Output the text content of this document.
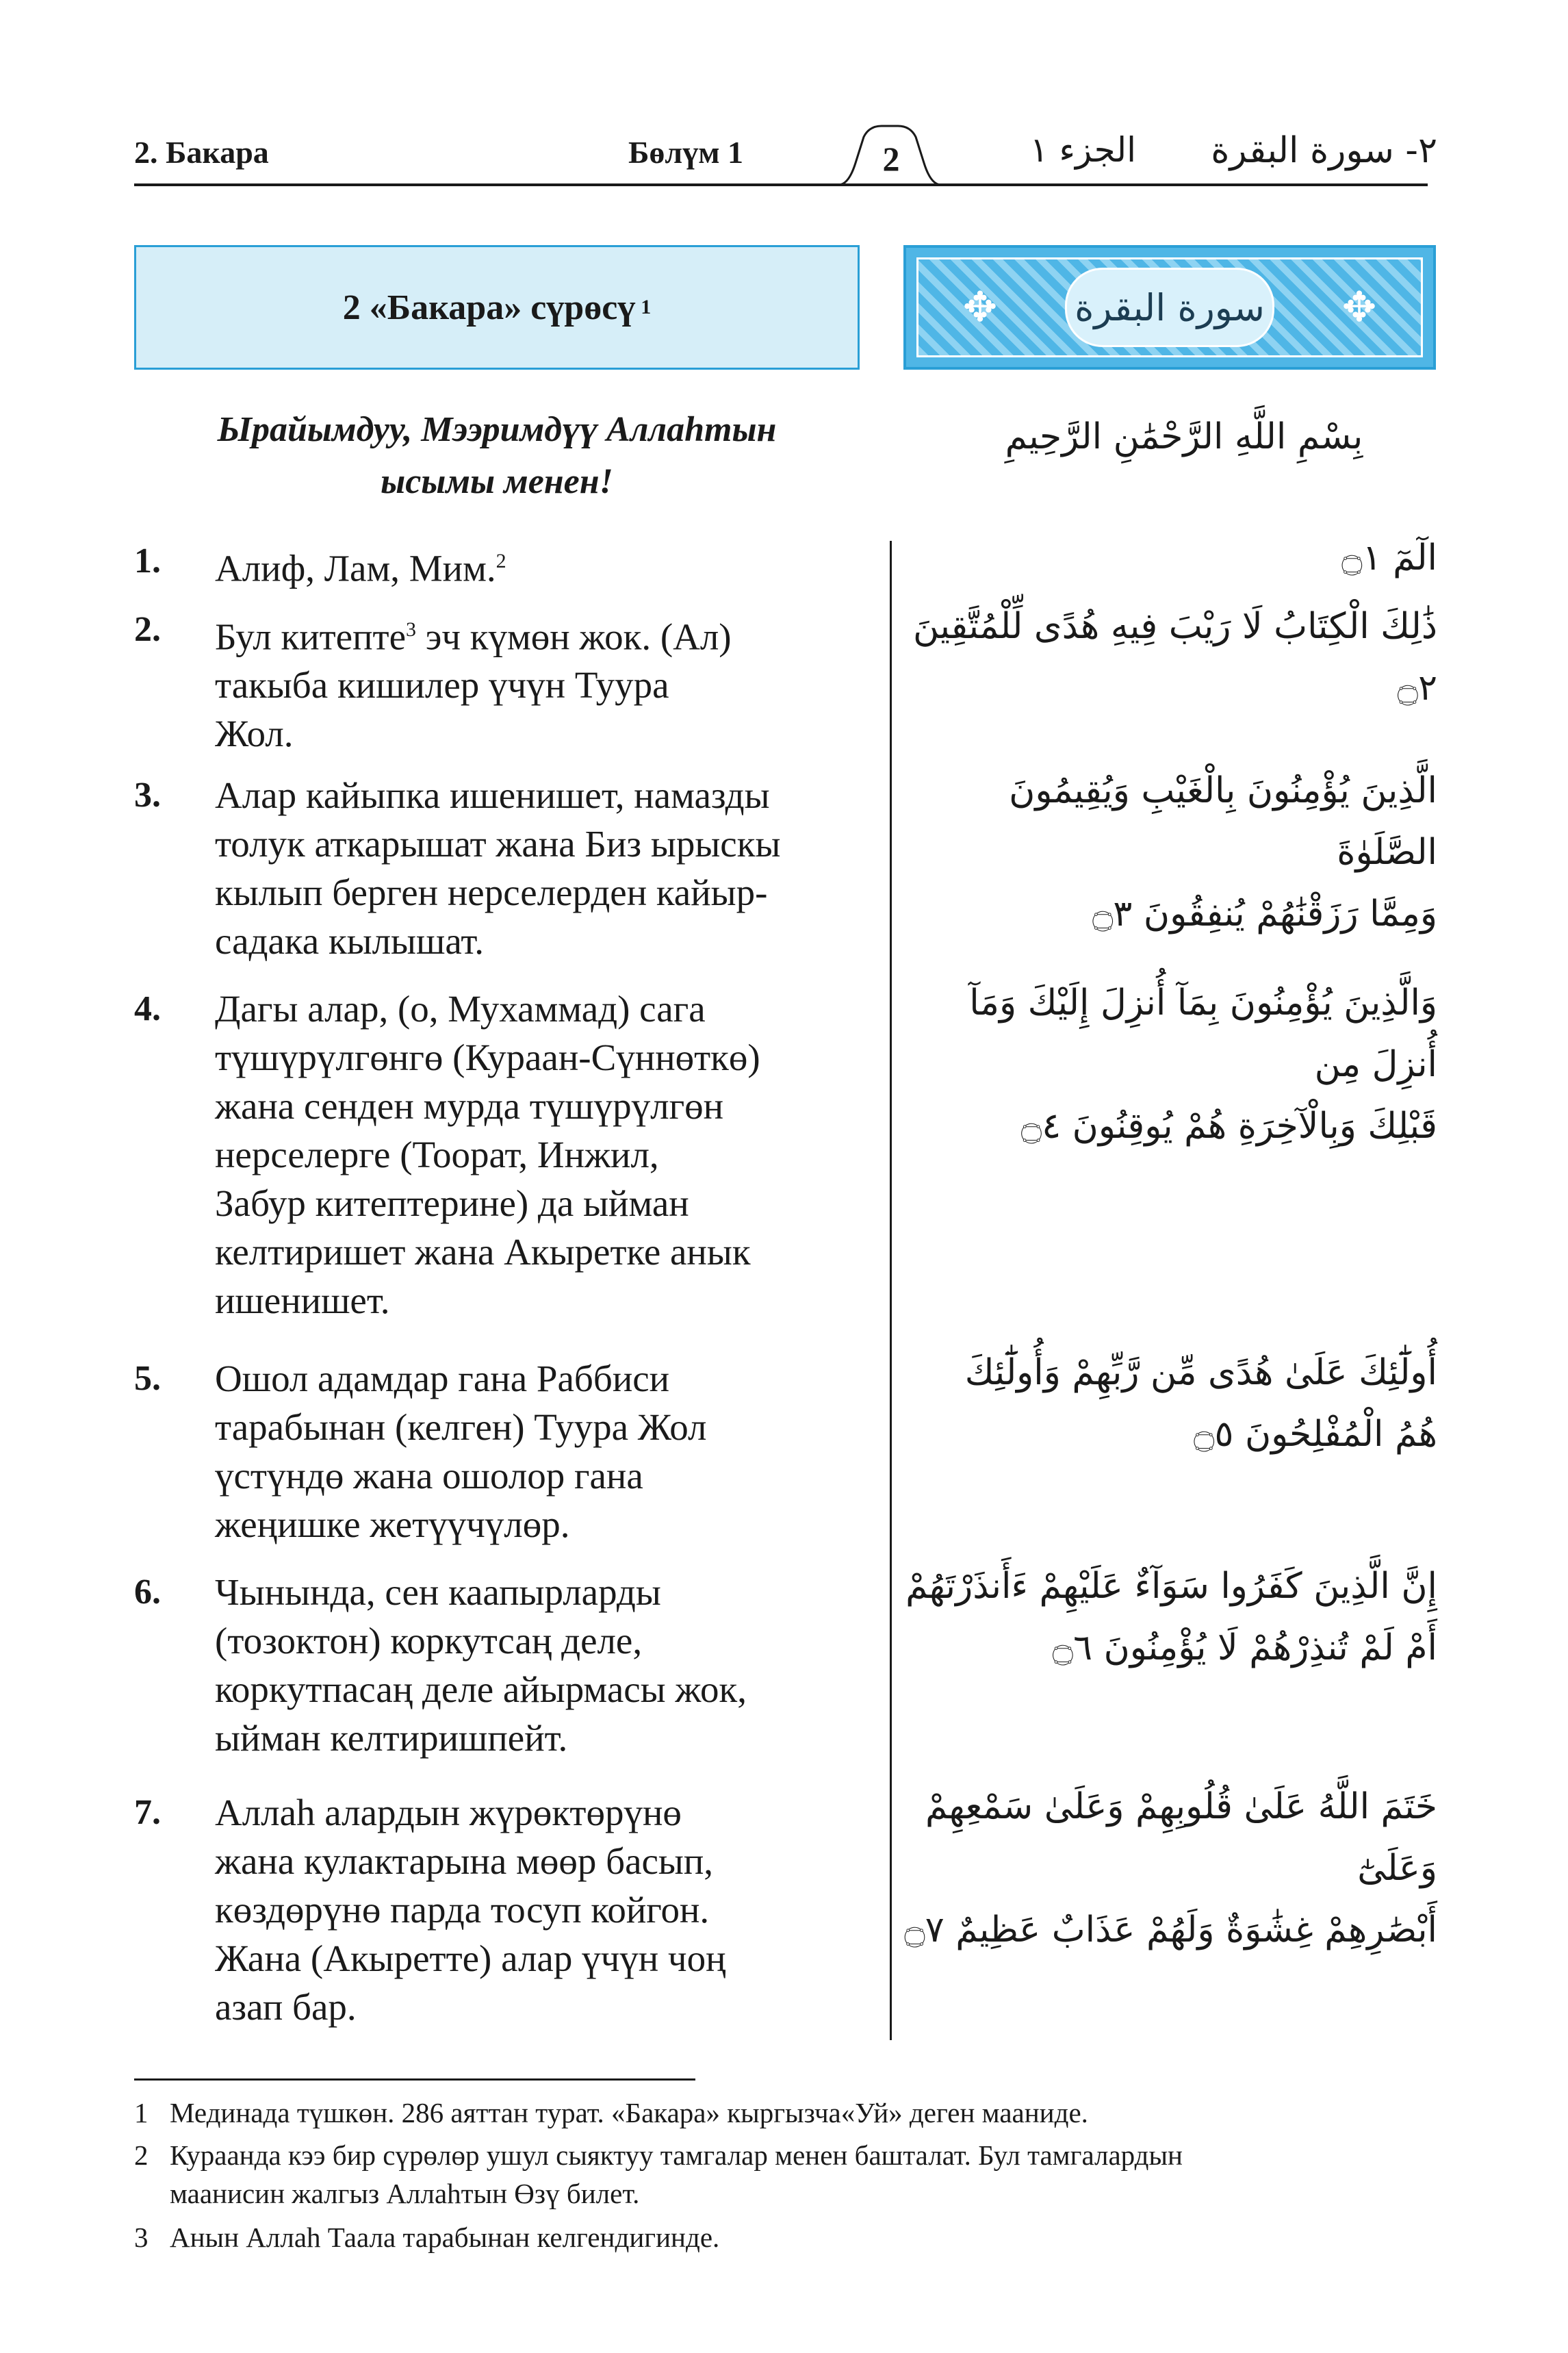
2. Бакара	Бөлүм 1	2	الجزء ١	٢- سورة البقرة
2 «Бакара» сүрөсү 1	✥ سورة البقرة ✥
Ырайымдуу, Мээримдүү Аллаһтын
ысымы менен!
بِسْمِ اللَّهِ الرَّحْمَٰنِ الرَّحِيمِ
1. Алиф, Лам, Мим.$^2$
2. Бул китепте$^3$ эч күмөн жок. (Ал)
такыба кишилер үчүн Туура
Жол.
3. Алар кайыпка ишенишет, намазды
толук аткарышат жана Биз ырыскы
кылып берген нерселерден кайыр-
садака кылышат.
4. Дагы алар, (о, Мухаммад) сага
түшүрүлгөнгө (Кураан-Сүннөткө)
жана сенден мурда түшүрүлгөн
нерселерге (Тоорат, Инжил,
Забур китептерине) да ыйман
келтиришет жана Акыретке анык
ишенишет.
5. Ошол адамдар гана Раббиси
тарабынан (келген) Туура Жол
үстүндө жана ошолор гана
жеңишке жетүүчүлөр.
6. Чынында, сен каапырларды
(тозоктон) коркутсаң деле,
коркутпасаң деле айырмасы жок,
ыйман келтиришпейт.
7. Аллаһ алардын жүрөктөрүнө
жана кулактарына мөөр басып,
көздөрүнө парда тосуп койгон.
Жана (Акыретте) алар үчүн чоң
азап бар.
الٓمٓ ۝١
ذَٰلِكَ الْكِتَابُ لَا رَيْبَ فِيهِ هُدًى لِّلْمُتَّقِينَ ۝٢
الَّذِينَ يُؤْمِنُونَ بِالْغَيْبِ وَيُقِيمُونَ الصَّلَوٰةَ
وَمِمَّا رَزَقْنَٰهُمْ يُنفِقُونَ ۝٣
وَالَّذِينَ يُؤْمِنُونَ بِمَآ أُنزِلَ إِلَيْكَ وَمَآ أُنزِلَ مِن
قَبْلِكَ وَبِالْآخِرَةِ هُمْ يُوقِنُونَ ۝٤
أُولَٰٓئِكَ عَلَىٰ هُدًى مِّن رَّبِّهِمْ وَأُولَٰٓئِكَ
هُمُ الْمُفْلِحُونَ ۝٥
إِنَّ الَّذِينَ كَفَرُوا سَوَآءٌ عَلَيْهِمْ ءَأَنذَرْتَهُمْ
أَمْ لَمْ تُنذِرْهُمْ لَا يُؤْمِنُونَ ۝٦
خَتَمَ اللَّهُ عَلَىٰ قُلُوبِهِمْ وَعَلَىٰ سَمْعِهِمْ وَعَلَىٰٓ
أَبْصَٰرِهِمْ غِشَٰوَةٌ وَلَهُمْ عَذَابٌ عَظِيمٌ ۝٧
1 Мединада түшкөн. 286 аяттан турат. «Бакара» кыргызча«Уй» деген мааниде.
2 Кураанда кээ бир сүрөлөр ушул сыяктуу тамгалар менен башталат. Бул тамгалардын
маанисин жалгыз Аллаһтын Өзү билет.
3 Анын Аллаһ Таала тарабынан келгендигинде.
